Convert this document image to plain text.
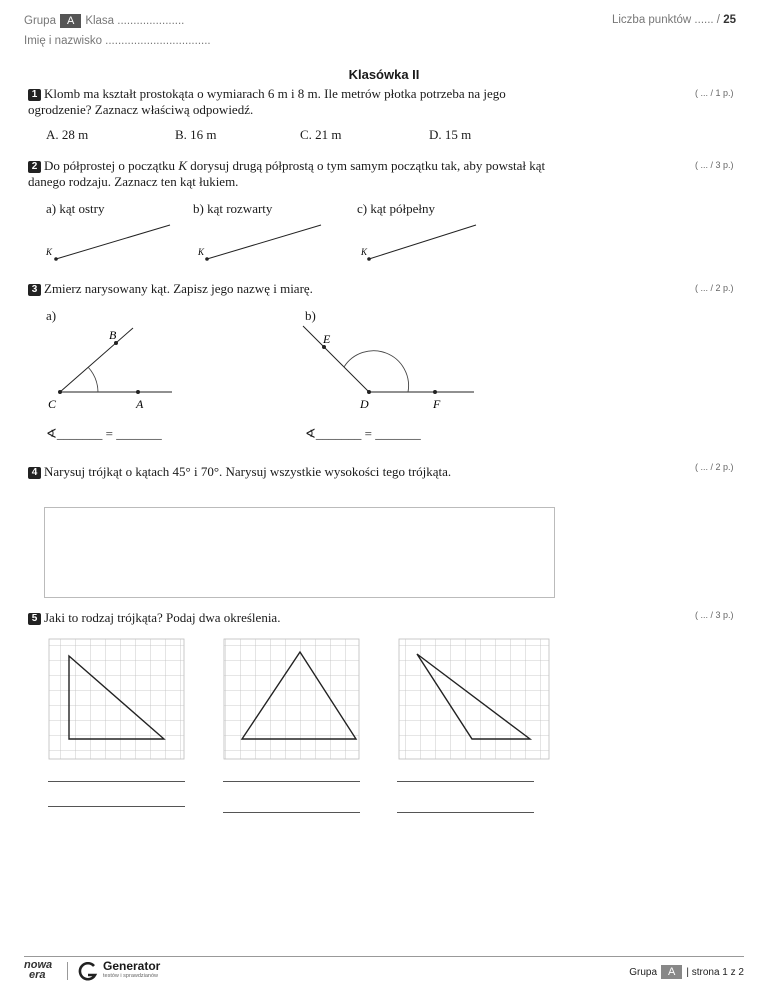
Grupa A Klasa .....................
Imię i nazwisko .................................
Liczba punktów ...... / 25
Klasówka II
1 Klomb ma kształt prostokąta o wymiarach 6 m i 8 m. Ile metrów płotka potrzeba na jego ogrodzenie? Zaznacz właściwą odpowiedź.
( ... / 1 p.)
A. 28 m	B. 16 m	C. 21 m	D. 15 m
2 Do półprostej o początku K dorysuj drugą półprostą o tym samym początku tak, aby powstał kąt danego rodzaju. Zaznacz ten kąt łukiem.
( ... / 3 p.)
a) kąt ostry	b) kąt rozwarty	c) kąt półpełny
K	K	K
3 Zmierz narysowany kąt. Zapisz jego nazwę i miarę.	( ... / 2 p.)
a)	b)
B
C	A
E
D	F
∢_______ = _______	∢_______ = _______
4 Narysuj trójkąt o kątach 45° i 70°. Narysuj wszystkie wysokości tego trójkąta.	( ... / 2 p.)
5 Jaki to rodzaj trójkąta? Podaj dwa określenia.	( ... / 3 p.)
nowa
era
Generator
testów i sprawdzianów	Grupa A | strona 1 z 2
